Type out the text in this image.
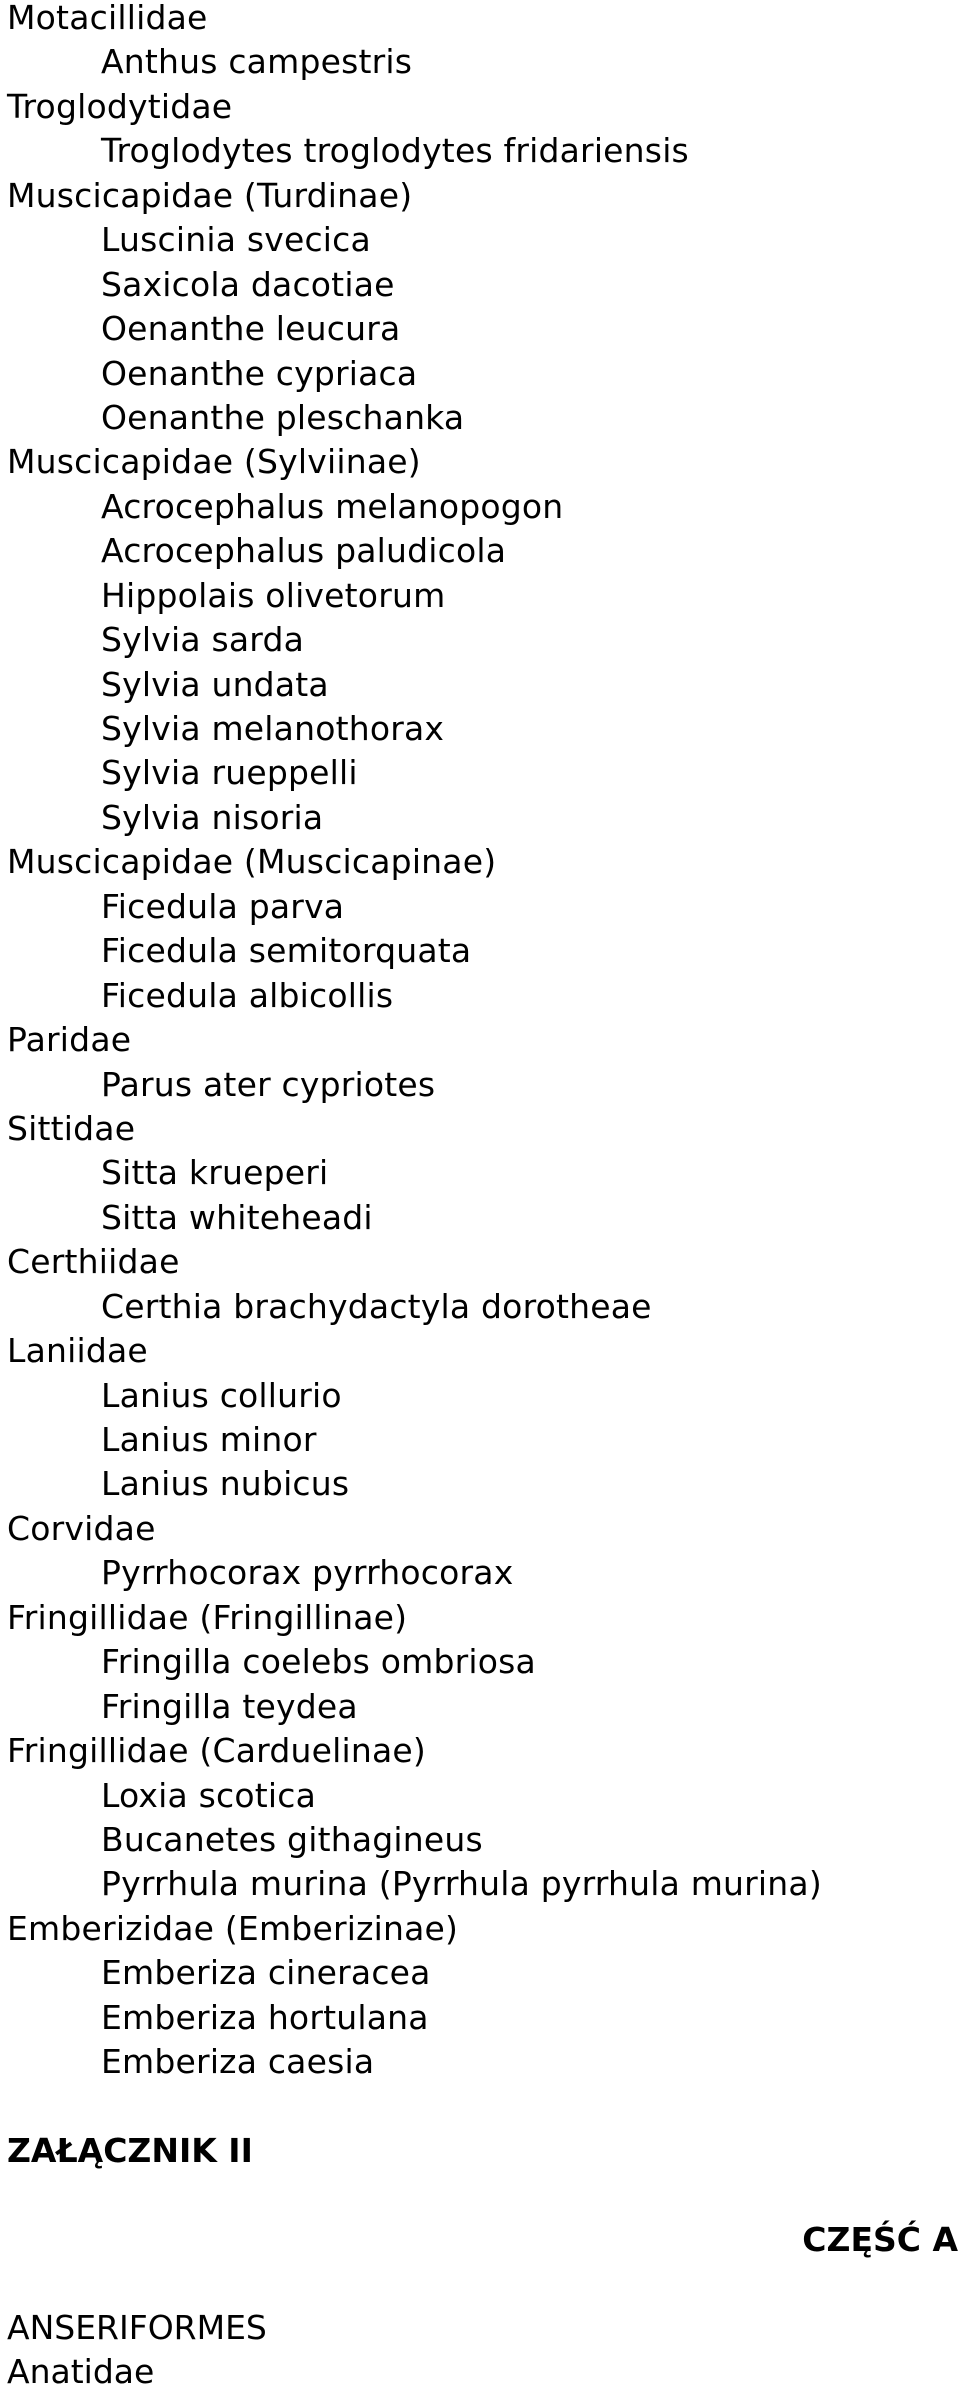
Motacillidae
Anthus campestris
Troglodytidae
Troglodytes troglodytes fridariensis
Muscicapidae (Turdinae)
Luscinia svecica
Saxicola dacotiae
Oenanthe leucura
Oenanthe cypriaca
Oenanthe pleschanka
Muscicapidae (Sylviinae)
Acrocephalus melanopogon
Acrocephalus paludicola
Hippolais olivetorum
Sylvia sarda
Sylvia undata
Sylvia melanothorax
Sylvia rueppelli
Sylvia nisoria
Muscicapidae (Muscicapinae)
Ficedula parva
Ficedula semitorquata
Ficedula albicollis
Paridae
Parus ater cypriotes
Sittidae
Sitta krueperi
Sitta whiteheadi
Certhiidae
Certhia brachydactyla dorotheae
Laniidae
Lanius collurio
Lanius minor
Lanius nubicus
Corvidae
Pyrrhocorax pyrrhocorax
Fringillidae (Fringillinae)
Fringilla coelebs ombriosa
Fringilla teydea
Fringillidae (Carduelinae)
Loxia scotica
Bucanetes githagineus
Pyrrhula murina (Pyrrhula pyrrhula murina)
Emberizidae (Emberizinae)
Emberiza cineracea
Emberiza hortulana
Emberiza caesia
ZAŁĄCZNIK II
CZĘŚĆ A
ANSERIFORMES
Anatidae
